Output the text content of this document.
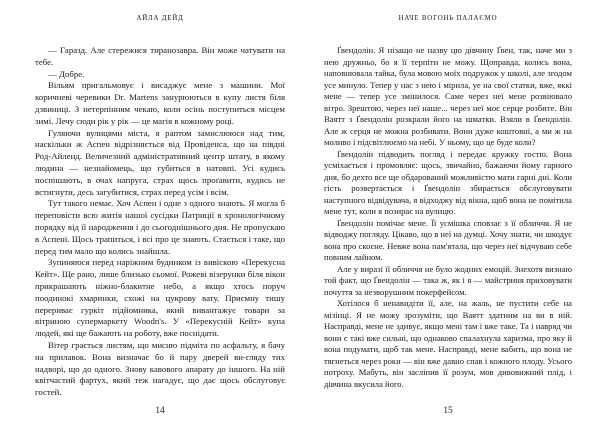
АЙЛА ДЕЙД

— Гаразд. Але стережися тиранозавра. Він може чатувати на тебе.

— Добре.

Вільям пригальмовує і висаджує мене з машини. Мої коричневі черевики Dr. Martens занурюються в купу листя біля дзвиниці. З нетерпінням чекаю, коли осінь поступиться місцем зимі. Лечу сюди рік у рік — це магія в кожному році.

Гуляючи вулицями міста, я раптом замислююся над тим, наскільки ж Аспен відрізняється від Провіденса, що на півдні Род-Айленд. Величезний адміністративний центр штату, в якому людина — незнайомець, що губиться в натовпі. Усі кудись поспішають, в очах напруга, страх щось проґавити, кудись не встигнути, десь загубитися, страх перед усім і всім.

Тут такого немає. Хоч Аспен і одне з одного знають. Я могла б переповісти всю житія нашої сусідки Патриції в хронологічному порядку від її народження і до сьогоднішнього дня. Не пропускаю в Аспені. Щось трапиться, і всі про це знають. Стається і таке, що перед тим мало що колись знайшла.

Зупиняюся перед наріжним будинком із вивіскою «Перекусна Кейт». Ще рано, лише близько сьомої. Рожеві візерунки біля вікон прикрашають ніжно-блакитне небо, а якщо хтось поруч поодинокі хмаринки, схожі на цукрову вату. Приємну тишу перериває гуркіт підйомника, який вивантажує товари за вітриною супермаркету Woodn's. У «Перекусній Кейт» купа людей, які ще бажають на роботу, вже поснідати.

Вітер грається листям, що мисню підміта по асфальту, я бачу на прилавок. Вона визначає бо й пару дверей ви-гляду тих надворі, що до одного. Знову кавового апарату до іншого. На ній квітчастий фартух, який теж нагадує, що дає щось обслуговує гостей.

14
НАЧЕ ВОГОНЬ ПАЛАЄМО

Ґвендолін. Я нізащо не назву цю дівчину Ґвен, так, наче ми з нею дружньо, бо я її терпіти не можу. Щоправда, колись вона, наповнювала тайка, була мовою моїх подружок у школі, але згодом усе минуло. Тепер у нас з нею і мірила, уе на свої статки, вже, яккі мене — тепер усе змінилося. Саме через неї мене розвіювало вітро. Зрештою, через неї наше... через неї моє серце розбите. Він Ваятт з Ґвендолін розкрали його на шматки. Взяли в Ґвендолін. Але ж серця не можна розбивати. Вони дуже коштовні, а ми ж на моливо і підсвітлюємо на небі. У ньому, що це буде коли?

Ґвендолін підводить погляд і передає кружку гостю. Вона усміхається і промовляє: щось, звичайно, бажаючи йому гарного дня, бо дехто все ще обдарований можливістю мати гарні дні. Коли гість розвертається і Ґвендолін збирається обслуговувати наступного відвідувача, я відходжу від вікна, щоб вона не помітила мене тут, коли я позирає на вулицю.

Ґвендолін помічає мене. Її усмішка сповзає з її обличчя. Я не відводжу погляду. Цікаво, що в неї на думці. Хочу знати, чи шкодує вона про скоєне. Невже вона пам'ятала, що через неї відчуваю себе повним лайном.

Але у виразі її обличчя не було жодних емоцій. Знехотя визнаю той факт, що Ґвендолін — така ж, як і я — майстриня приховувати почуття за незворушним покерфейсом.

Хотілося б ненавидіти її, але, на жаль, не пустити себе на мізінці. Я не можу зрозуміти, що Ваятт здатним на ви в ній. Насправді, мене не здивує, якщо мені там і вже таке. Та і навряд чи вони є такі вже сильні, що однаково спалахнула харизма, про яку й вона подумати, щоб так мене. Насправді, мене вабить, що вона не тягнеться через роки — він вже давно спав і кожного плоду. Усього потроху. Мабуть, він засліпив її розум, мов дивовижний плід, і дівчина вкусила його.

15
